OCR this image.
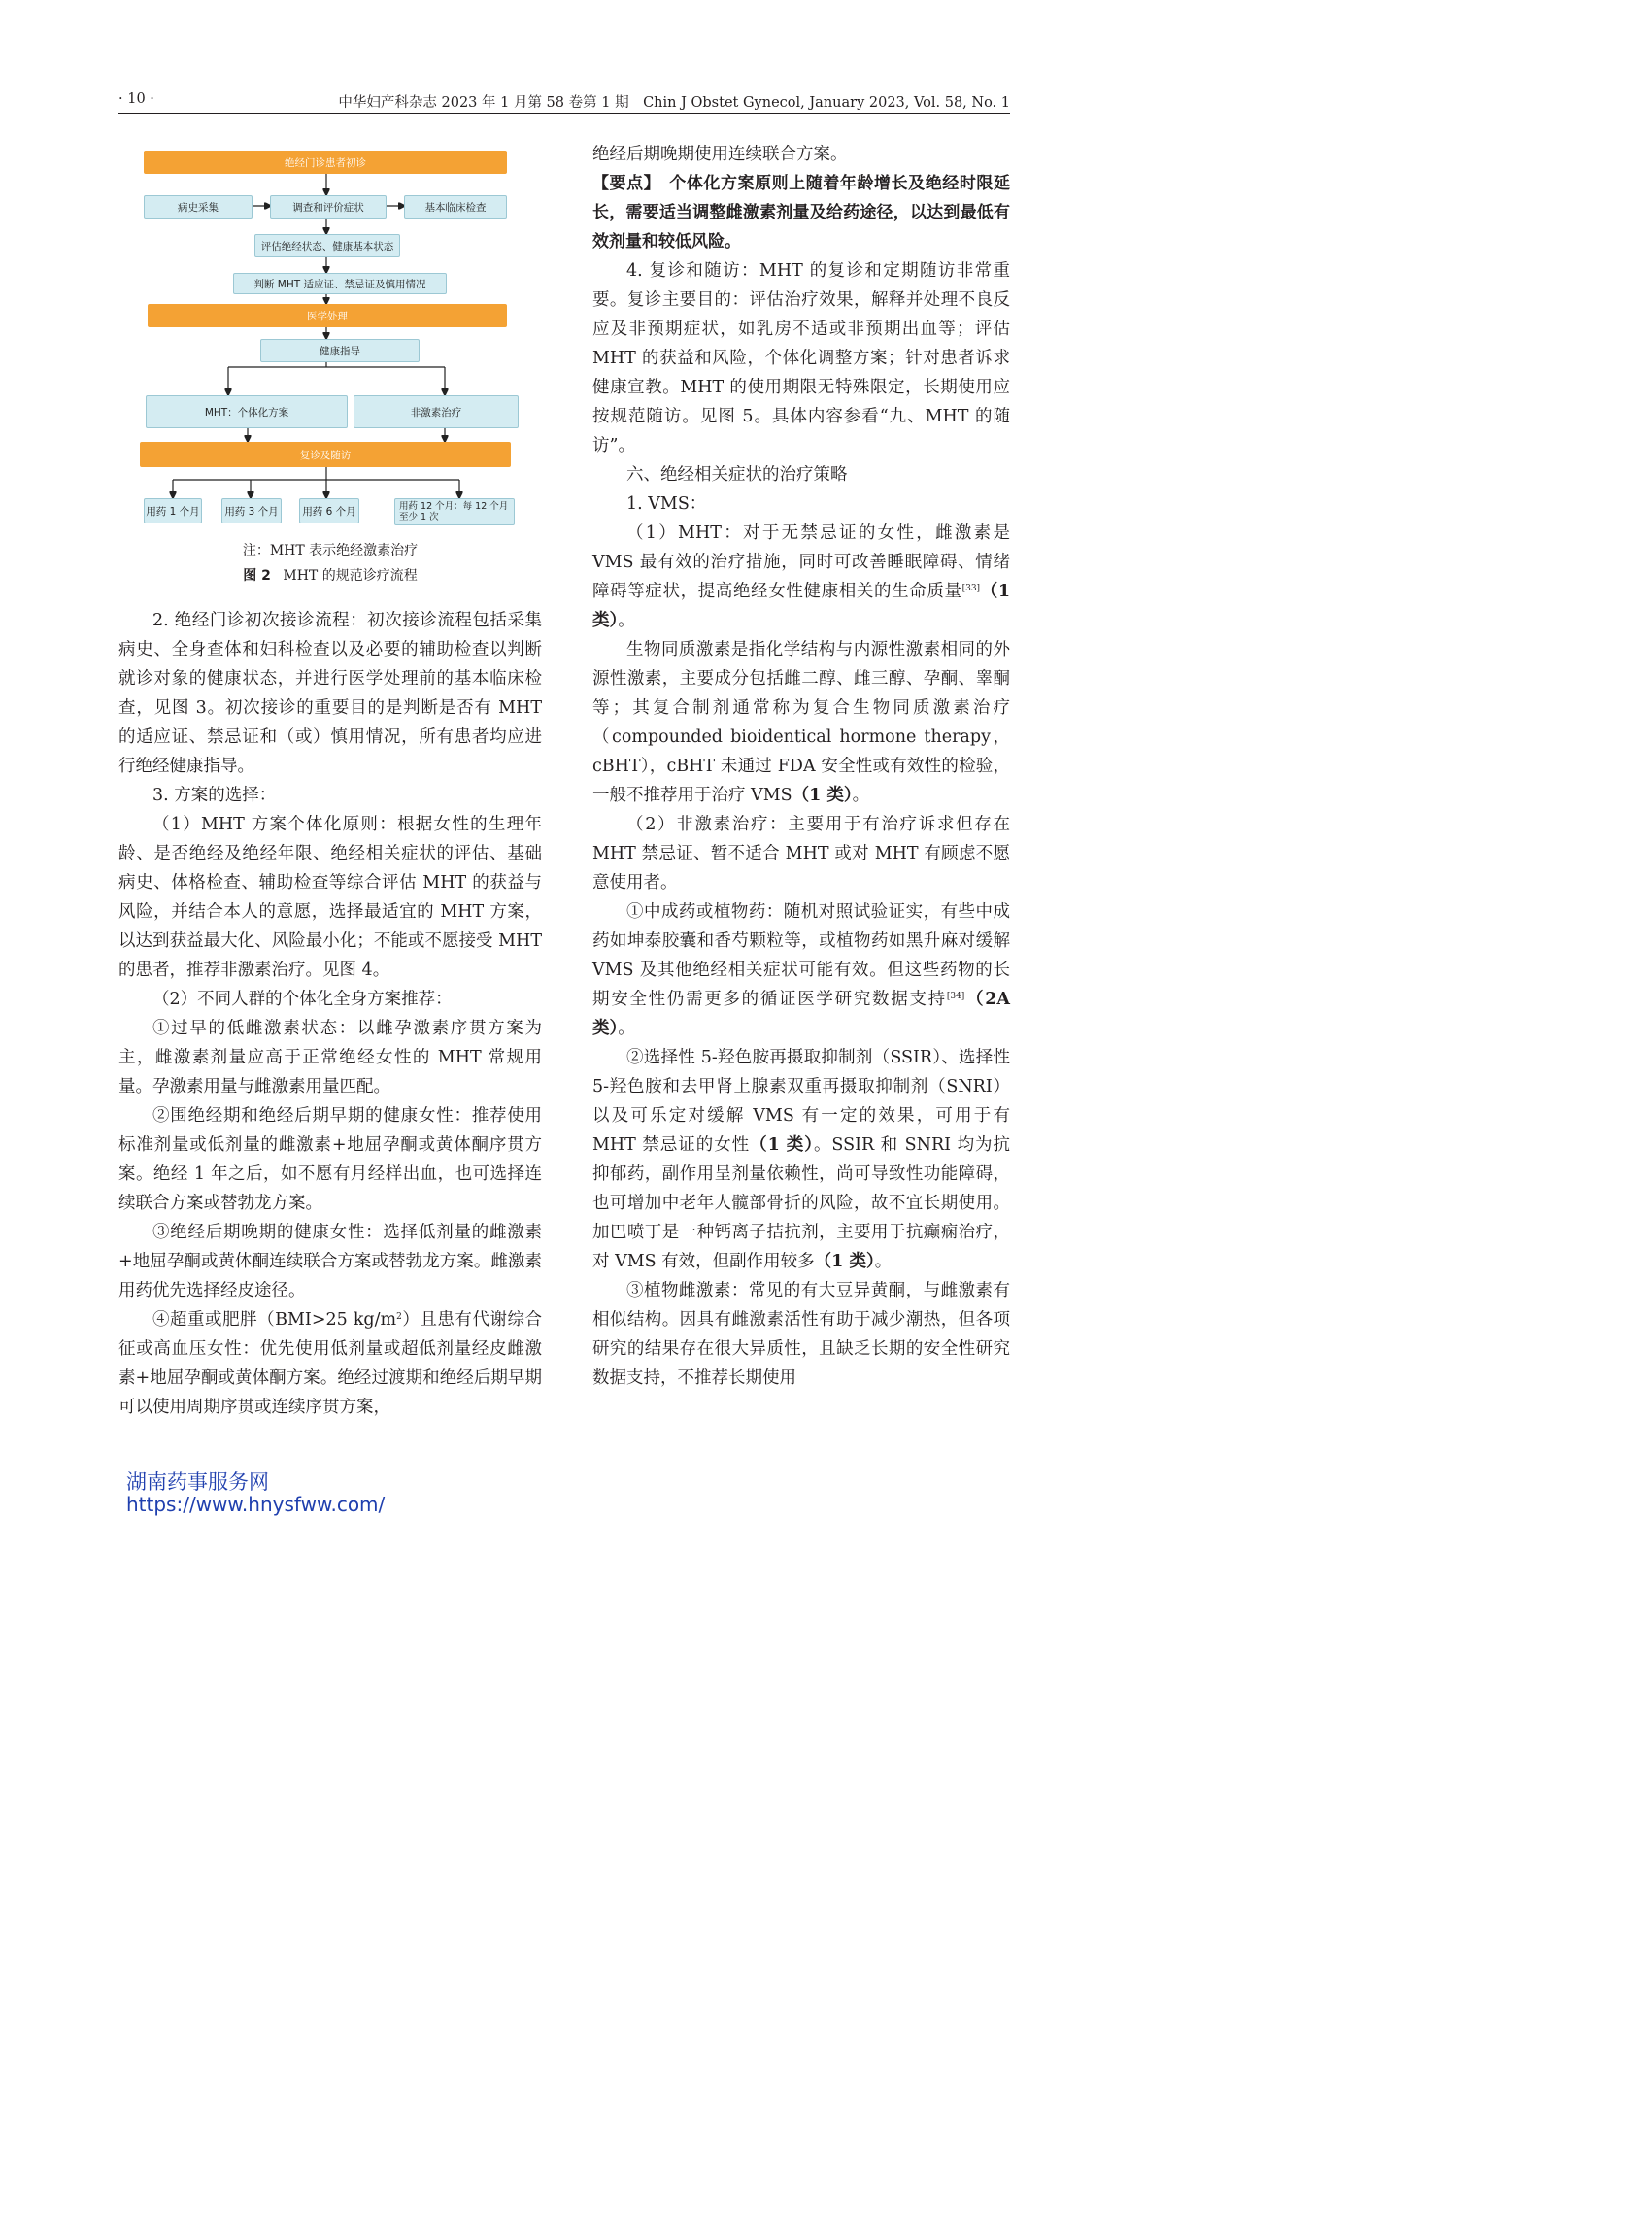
· 10 ·	中华妇产科杂志 2023 年 1 月第 58 卷第 1 期　Chin J Obstet Gynecol, January 2023, Vol. 58, No. 1
绝经门诊患者初诊
病史采集	调查和评价症状	基本临床检查
评估绝经状态、健康基本状态
判断 MHT 适应证、禁忌证及慎用情况
医学处理
健康指导
MHT：个体化方案	非激素治疗
复诊及随访
用药 1 个月	用药 3 个月	用药 6 个月	用药 12 个月：每 12 个月至少 1 次
注：MHT 表示绝经激素治疗
图 2 MHT 的规范诊疗流程

2. 绝经门诊初次接诊流程：初次接诊流程包括采集病史、全身查体和妇科检查以及必要的辅助检查以判断就诊对象的健康状态，并进行医学处理前的基本临床检查，见图 3。初次接诊的重要目的是判断是否有 MHT 的适应证、禁忌证和（或）慎用情况，所有患者均应进行绝经健康指导。

3. 方案的选择：

（1）MHT 方案个体化原则：根据女性的生理年龄、是否绝经及绝经年限、绝经相关症状的评估、基础病史、体格检查、辅助检查等综合评估 MHT 的获益与风险，并结合本人的意愿，选择最适宜的 MHT 方案，以达到获益最大化、风险最小化；不能或不愿接受 MHT 的患者，推荐非激素治疗。见图 4。

（2）不同人群的个体化全身方案推荐：

①过早的低雌激素状态：以雌孕激素序贯方案为主，雌激素剂量应高于正常绝经女性的 MHT 常规用量。孕激素用量与雌激素用量匹配。

②围绝经期和绝经后期早期的健康女性：推荐使用标准剂量或低剂量的雌激素+地屈孕酮或黄体酮序贯方案。绝经 1 年之后，如不愿有月经样出血，也可选择连续联合方案或替勃龙方案。

③绝经后期晚期的健康女性：选择低剂量的雌激素+地屈孕酮或黄体酮连续联合方案或替勃龙方案。雌激素用药优先选择经皮途径。

④超重或肥胖（BMI>25 $kg/m^2$）且患有代谢综合征或高血压女性：优先使用低剂量或超低剂量经皮雌激素+地屈孕酮或黄体酮方案。绝经过渡期和绝经后期早期可以使用周期序贯或连续序贯方案，

绝经后期晚期使用连续联合方案。

【要点】　个体化方案原则上随着年龄增长及绝经时限延长，需要适当调整雌激素剂量及给药途径，以达到最低有效剂量和较低风险。

4. 复诊和随访：MHT 的复诊和定期随访非常重要。复诊主要目的：评估治疗效果，解释并处理不良反应及非预期症状，如乳房不适或非预期出血等；评估 MHT 的获益和风险，个体化调整方案；针对患者诉求健康宣教。MHT 的使用期限无特殊限定，长期使用应按规范随访。见图 5。具体内容参看“九、MHT 的随访”。

六、绝经相关症状的治疗策略

1. VMS：

（1）MHT：对于无禁忌证的女性，雌激素是 VMS 最有效的治疗措施，同时可改善睡眠障碍、情绪障碍等症状，提高绝经女性健康相关的生命质量[33]（1 类）。

生物同质激素是指化学结构与内源性激素相同的外源性激素，主要成分包括雌二醇、雌三醇、孕酮、睾酮等；其复合制剂通常称为复合生物同质激素治疗（compounded bioidentical hormone therapy，cBHT），cBHT 未通过 FDA 安全性或有效性的检验，一般不推荐用于治疗 VMS（1 类）。

（2）非激素治疗：主要用于有治疗诉求但存在 MHT 禁忌证、暂不适合 MHT 或对 MHT 有顾虑不愿意使用者。

①中成药或植物药：随机对照试验证实，有些中成药如坤泰胶囊和香芍颗粒等，或植物药如黑升麻对缓解 VMS 及其他绝经相关症状可能有效。但这些药物的长期安全性仍需更多的循证医学研究数据支持[34]（2A 类）。

②选择性 5-羟色胺再摄取抑制剂（SSIR）、选择性 5-羟色胺和去甲肾上腺素双重再摄取抑制剂（SNRI）以及可乐定对缓解 VMS 有一定的效果，可用于有 MHT 禁忌证的女性（1 类）。SSIR 和 SNRI 均为抗抑郁药，副作用呈剂量依赖性，尚可导致性功能障碍，也可增加中老年人髋部骨折的风险，故不宜长期使用。加巴喷丁是一种钙离子拮抗剂，主要用于抗癫痫治疗，对 VMS 有效，但副作用较多（1 类）。

③植物雌激素：常见的有大豆异黄酮，与雌激素有相似结构。因具有雌激素活性有助于减少潮热，但各项研究的结果存在很大异质性，且缺乏长期的安全性研究数据支持，不推荐长期使用

湖南药事服务网
https://www.hnysfww.com/
